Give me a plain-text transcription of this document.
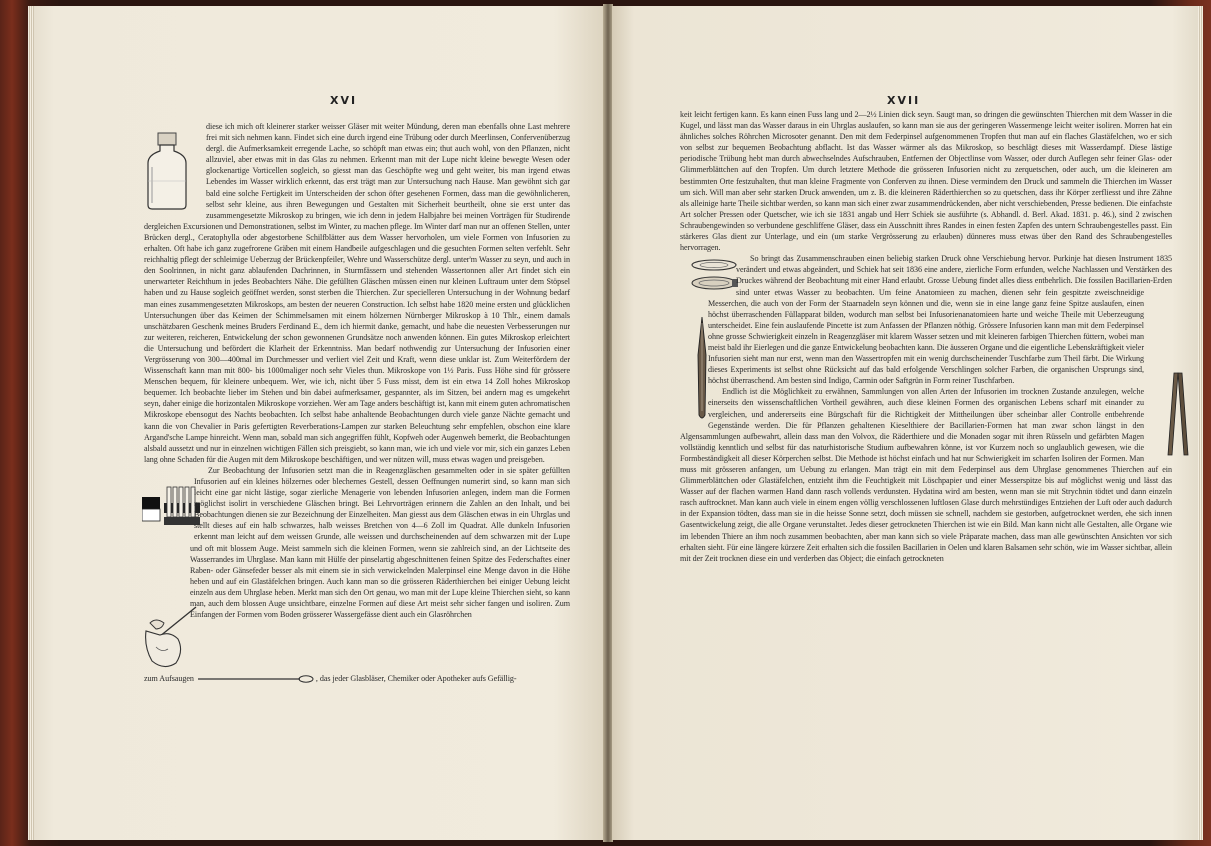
XVI

diese ich mich oft kleinerer starker weisser Gläser mit weiter Mündung, deren man ebenfalls ohne Last mehrere frei mit sich nehmen kann. Findet sich eine durch irgend eine Trübung oder durch Meerlinsen, Confervenüberzug dergl. die Aufmerksamkeit erregende Lache, so schöpft man etwas ein; thut auch wohl, von den Pflanzen, nicht allzuviel, aber etwas mit in das Glas zu nehmen. Erkennt man mit der Lupe nicht kleine bewegte Wesen oder glockenartige Vorticellen sogleich, so giesst man das Geschöpfte weg und geht weiter, bis man irgend etwas Lebendes im Wasser wirklich erkennt, das erst trägt man zur Untersuchung nach Hause. Man gewöhnt sich gar bald eine solche Fertigkeit im Unterscheiden der schon öfter gesehenen Formen, dass man die gewöhnlicheren, selbst sehr kleine, aus ihren Bewegungen und Gestalten mit Sicherheit beurtheilt, ohne sie erst unter das zusammengesetzte Mikroskop zu bringen, wie ich denn in jedem Halbjahre bei meinen Vorträgen für Studirende dergleichen Excursionen und Demonstrationen, selbst im Winter, zu machen pflege. Im Winter darf man nur an offenen Stellen, unter Brücken dergl., Ceratophylla oder abgestorbene Schilfblätter aus dem Wasser hervorholen, um viele Formen von Infusorien zu erhalten. Oft habe ich ganz zugefrorene Gräben mit einem Handbeile aufgeschlagen und die gesuchten Formen selten verfehlt. Sehr reichhaltig pflegt der schleimige Ueberzug der Brückenpfeiler, Wehre und Wasserschütze dergl. unter'm Wasser zu seyn, und auch in den Soolrinnen, in nicht ganz ablaufenden Dachrinnen, in Sturmfässern und stehenden Wassertonnen aller Art findet sich ein unerwarteter Reichthum in jedes Beobachters Nähe. Die gefüllten Gläschen müssen einen nur kleinen Luftraum unter dem Stöpsel haben und zu Hause sogleich geöffnet werden, sonst sterben die Thierchen. Zur specielleren Untersuchung in der Wohnung bedarf man eines zusammengesetzten Mikroskops, am besten der neueren Construction. Ich selbst habe 1820 meine ersten und glücklichen Untersuchungen über das Keimen der Schimmelsamen mit einem hölzernen Nürnberger Mikroskop à 10 Thlr., einem damals unschätzbaren Geschenk meines Bruders Ferdinand E., dem ich hiermit danke, gemacht, und habe die neuesten Verbesserungen nur zur weiteren, reicheren, Entwickelung der schon gewonnenen Grundsätze noch anwenden können. Ein gutes Mikroskop erleichtert die Untersuchung und befördert die Klarheit der Erkenntniss. Man bedarf nothwendig zur Untersuchung der Infusorien einer Vergrösserung von 300—400mal im Durchmesser und verliert viel Zeit und Kraft, wenn diese unklar ist. Zum Weiterfördern der Wissenschaft kann man mit 800- bis 1000maliger noch sehr Vieles thun. Mikroskope von 1½ Paris. Fuss Höhe sind für grössere Menschen bequem, für kleinere unbequem. Wer, wie ich, nicht über 5 Fuss misst, dem ist ein etwa 14 Zoll hohes Mikroskop bequemer. Ich beobachte lieber im Stehen und bin dabei aufmerksamer, gespannter, als im Sitzen, bei andern mag es umgekehrt seyn, daher einige die horizontalen Mikroskope vorziehen. Wer am Tage anders beschäftigt ist, kann mit einem guten achromatischen Mikroskope ebensogut des Nachts beobachten. Ich selbst habe anhaltende Beobachtungen durch viele ganze Nächte gemacht und kann die von Chevalier in Paris gefertigten Reverberations-Lampen zur starken Beleuchtung sehr empfehlen, obschon eine klare Argand'sche Lampe hinreicht. Wenn man, sobald man sich angegriffen fühlt, Kopfweh oder Augenweh bemerkt, die Beobachtungen alsbald aussetzt und nur in einzelnen wichtigen Fällen sich preisgiebt, so kann man, wie ich und viele vor mir, sich ein ganzes Leben lang ohne Schaden für die Augen mit dem Mikroskope beschäftigen, und wer nützen will, muss etwas wagen und preisgeben.

Zur Beobachtung der Infusorien setzt man die in Reagenzgläschen gesammelten oder in sie später gefüllten Infusorien auf ein kleines hölzernes oder blechernes Gestell, dessen Oeffnungen numerirt sind, so kann man sich leicht eine gar nicht lästige, sogar zierliche Menagerie von lebenden Infusorien anlegen, indem man die Formen möglichst isolirt in verschiedene Gläschen bringt. Bei Lehrvorträgen erinnern die Zahlen an den Inhalt, und bei Beobachtungen dienen sie zur Bezeichnung der Einzelheiten. Man giesst aus dem Gläschen etwas in ein Uhrglas und stellt dieses auf ein halb schwarzes, halb weisses Bretchen von 4—6 Zoll im Quadrat. Alle dunkeln Infusorien erkennt man leicht auf dem weissen Grunde, alle weissen und durchscheinenden auf dem schwarzen mit der Lupe und oft mit blossem Auge. Meist sammeln sich die kleinen Formen, wenn sie zahlreich sind, an der Lichtseite des Wasserrandes im Uhrglase. Man kann mit Hülfe der pinselartig abgeschnittenen feinen Spitze des Federschaftes einer Raben- oder Gänsefeder besser als mit einem sie in sich verwickelnden Malerpinsel eine Menge davon in die Höhe heben und auf ein Glastäfelchen bringen. Auch kann man so die grösseren Räderthierchen bei einiger Uebung leicht einzeln aus dem Uhrglase heben. Merkt man sich den Ort genau, wo man mit der Lupe kleine Thierchen sieht, so kann man, auch dem blossen Auge unsichtbare, einzelne Formen auf diese Art meist sehr sicher fangen und isoliren. Zum Einfangen der Formen vom Boden grösserer Wassergefässe dient auch ein Glasröhrchen

zum Aufsaugen	, das jeder Glasbläser, Chemiker oder Apotheker aufs Gefällig-

XVII

keit leicht fertigen kann. Es kann einen Fuss lang und 2—2½ Linien dick seyn. Saugt man, so dringen die gewünschten Thierchen mit dem Wasser in die Kugel, und lässt man das Wasser daraus in ein Uhrglas auslaufen, so kann man sie aus der geringeren Wassermenge leicht weiter isoliren. Morren hat ein ähnliches solches Röhrchen Microsoter genannt. Den mit dem Federpinsel aufgenommenen Tropfen thut man auf ein flaches Glastäfelchen, wo er sich von selbst zur bequemen Beobachtung abflacht. Ist das Wasser wärmer als das Mikroskop, so beschlägt dieses mit Wasserdampf. Diese lästige periodische Trübung hebt man durch abwechselndes Aufschrauben, Entfernen der Objectlinse vom Wasser, oder durch Auflegen sehr feiner Glas- oder Glimmerblättchen auf den Tropfen. Um durch letztere Methode die grösseren Infusorien nicht zu zerquetschen, oder auch, um die kleineren am bestimmten Orte festzuhalten, thut man kleine Fragmente von Conferven zu ihnen. Diese vermindern den Druck und sammeln die Thierchen im Wasser um sich. Will man aber sehr starken Druck anwenden, um z. B. die kleineren Räderthierchen so zu quetschen, dass ihr Körper zerfliesst und ihre Zähne als alleinige harte Theile sichtbar werden, so kann man sich einer zwar zusammendrückenden, aber nicht verschiebenden, Presse bedienen. Die einfachste Art solcher Pressen oder Quetscher, wie ich sie 1831 angab und Herr Schiek sie ausführte (s. Abhandl. d. Berl. Akad. 1831. p. 46.), sind 2 zwischen Schraubengewinden so verbundene geschliffene Gläser, dass ein Ausschnitt ihres Randes in einen festen Zapfen des untern Schraubengestelles passt. Ein stärkeres Glas dient zur Unterlage, und ein (um starke Vergrösserung zu erlauben) dünneres muss etwas über den Rand des Schraubengestelles hervorragen.

So bringt das Zusammenschrauben einen beliebig starken Druck ohne Verschiebung hervor. Purkinje hat diesen Instrument 1835 verändert und etwas abgeändert, und Schiek hat seit 1836 eine andere, zierliche Form erfunden, welche Nachlassen und Verstärken des Druckes während der Beobachtung mit einer Hand erlaubt. Grosse Uebung findet alles diess entbehrlich. Die fossilen Bacillarien-Erden sind unter etwas Wasser zu beobachten. Um feine Anatomieen zu machen, dienen sehr fein gespitzte zweischneidige Messerchen, die auch von der Form der Staarnadeln seyn können und die, wenn sie in eine lange ganz feine Spitze auslaufen, einen höchst überraschenden Füllapparat bilden, wodurch man selbst bei Infusorienanatomieen harte und weiche Theile mit Ueberzeugung unterscheidet. Eine fein auslaufende Pincette ist zum Anfassen der Pflanzen nöthig. Grössere Infusorien kann man mit dem Federpinsel ohne grosse Schwierigkeit einzeln in Reagenzgläser mit klarem Wasser setzen und mit kleineren farbigen Thierchen füttern, wobei man meist bald ihr Eierlegen und die ganze Entwickelung beobachten kann. Die äusseren Organe und die eigentliche Lebenskräftigkeit vieler Infusorien sieht man nur erst, wenn man den Wassertropfen mit ein wenig durchscheinender Tuschfarbe zum Theil färbt. Die Wirkung dieses Experiments ist selbst ohne Rücksicht auf das bald erfolgende Verschlingen solcher Farben, die organischen Ursprungs sind, höchst überraschend. Am besten sind Indigo, Carmin oder Saftgrün in Form reiner Tuschfarben.

Endlich ist die Möglichkeit zu erwähnen, Sammlungen von allen Arten der Infusorien im trocknen Zustande anzulegen, welche einerseits den wissenschaftlichen Vortheil gewähren, auch diese kleinen Formen des organischen Lebens scharf mit einander zu vergleichen, und andererseits eine Bürgschaft für die Richtigkeit der Mittheilungen über scheinbar aller Controlle entbehrende Gegenstände werden. Die für Pflanzen gehaltenen Kieselthiere der Bacillarien-Formen hat man zwar schon längst in den Algensammlungen aufbewahrt, allein dass man den Volvox, die Räderthiere und die Monaden sogar mit ihren Rüsseln und gefärbten Magen vollständig kenntlich und selbst für das naturhistorische Studium aufbewahren könne, ist vor Kurzem noch so unglaublich gewesen, wie die Formbeständigkeit all dieser Körperchen selbst. Die Methode ist höchst einfach und hat nur Schwierigkeit im scharfen Isoliren der Formen. Man muss mit grösseren anfangen, um Uebung zu erlangen. Man trägt ein mit dem Federpinsel aus dem Uhrglase genommenes Thierchen auf ein Glimmerblättchen oder Glastäfelchen, entzieht ihm die Feuchtigkeit mit Löschpapier und einer Messerspitze bis auf möglichst wenig und lässt das Wasser auf der flachen warmen Hand dann rasch vollends verdunsten. Hydatina wird am besten, wenn man sie mit Strychnin tödtet und dann einzeln rasch auftrocknet. Man kann auch viele in einem engen völlig verschlossenen luftlosen Glase durch mehrstündiges Entziehen der Luft oder auch dadurch in der Expansion tödten, dass man sie in die heisse Sonne setzt, doch müssen sie schnell, nachdem sie gestorben, aufgetrocknet werden, ehe sich innen Gasentwickelung zeigt, die alle Organe verunstaltet. Jedes dieser getrockneten Thierchen ist wie ein Bild. Man kann nicht alle Gestalten, alle Organe wie im lebenden Thiere an ihm noch zusammen beobachten, aber man kann sich so viele Präparate machen, dass man alle gewünschten Ansichten vor sich erhalten sieht. Für eine längere kürzere Zeit erhalten sich die fossilen Bacillarien in Oelen und klaren Balsamen sehr schön, wie im Wasser sichtbar, allein mit der Zeit trocknen diese ein und verderben das Object; die einfach getrockneten
